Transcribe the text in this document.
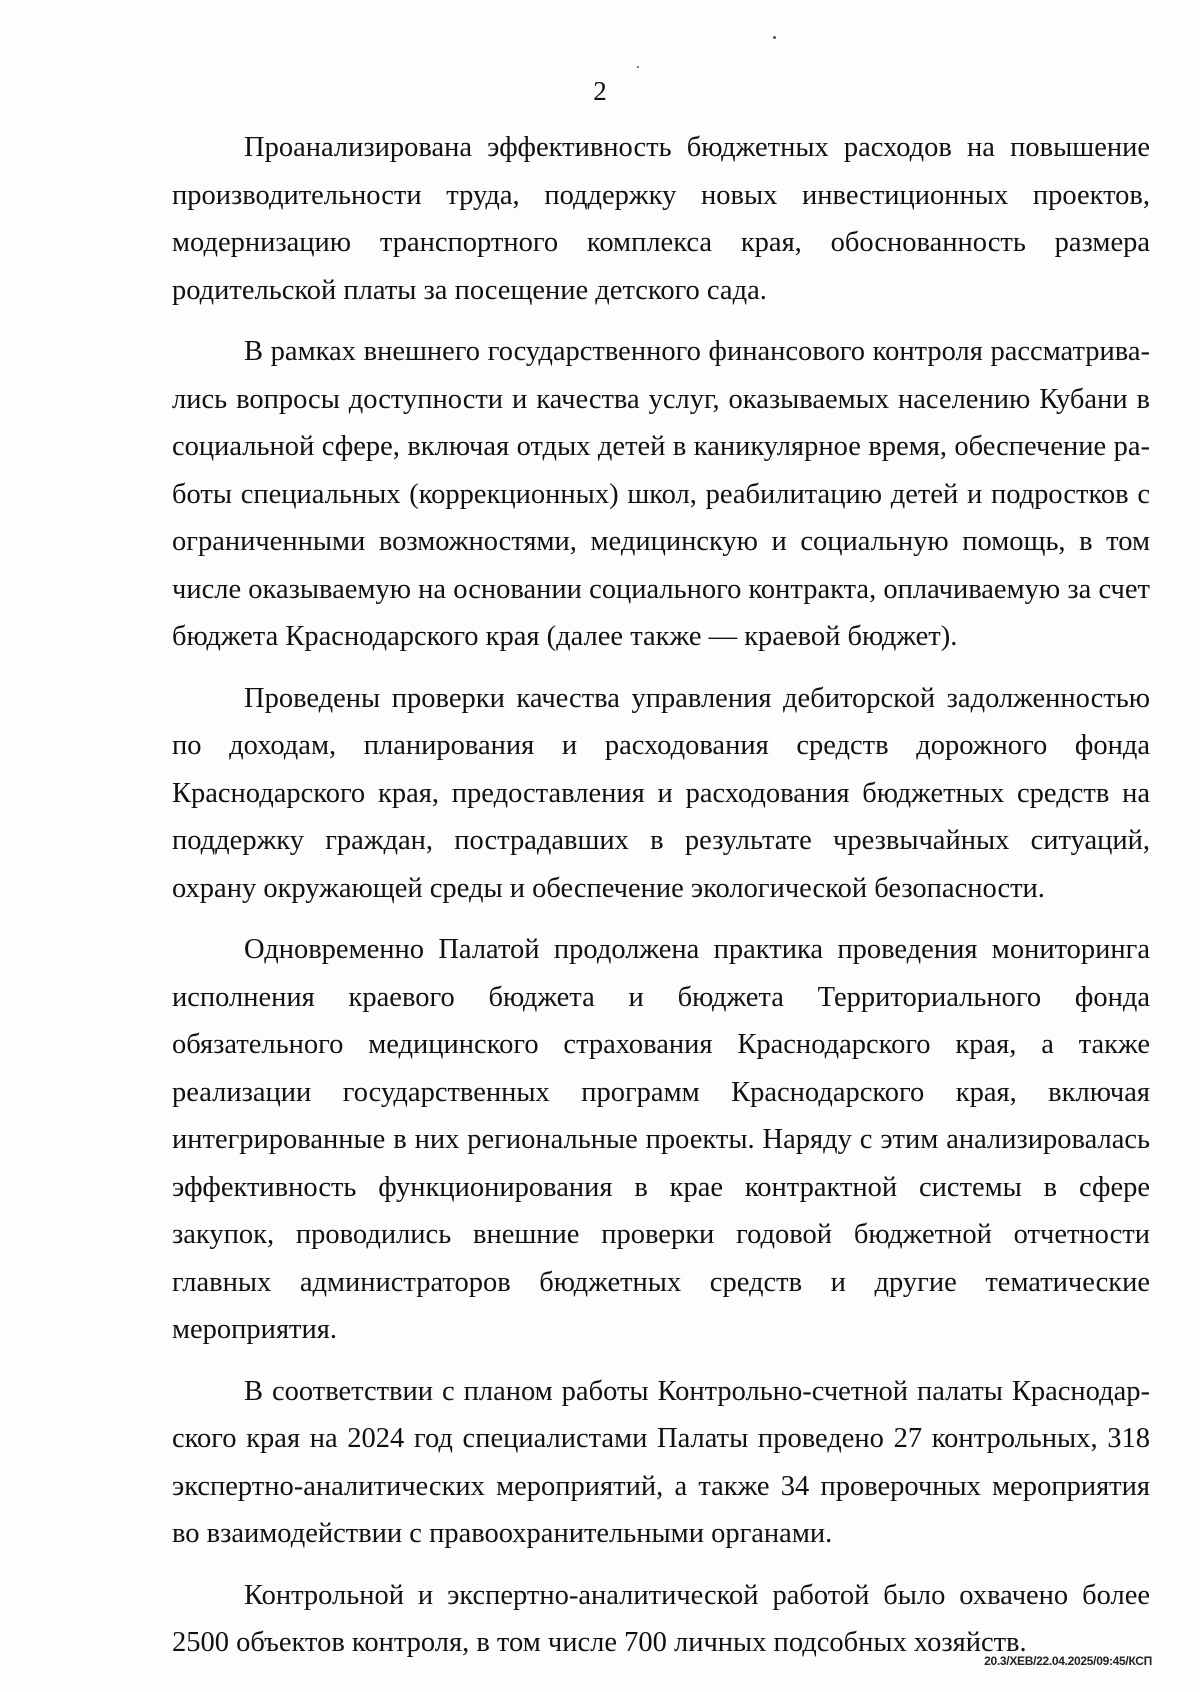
2

Проанализирована эффективность бюджетных расходов на повышение производительности труда, поддержку новых инвестиционных проектов, модернизацию транспортного комплекса края, обоснованность размера родительской платы за посещение детского сада.

В рамках внешнего государственного финансового контроля рассматривались вопросы доступности и качества услуг, оказываемых населению Кубани в социальной сфере, включая отдых детей в каникулярное время, обеспечение работы специальных (коррекционных) школ, реабилитацию детей и подростков с ограниченными возможностями, медицинскую и социальную помощь, в том числе оказываемую на основании социального контракта, оплачиваемую за счет бюджета Краснодарского края (далее также — краевой бюджет).

Проведены проверки качества управления дебиторской задолженностью по доходам, планирования и расходования средств дорожного фонда Краснодарского края, предоставления и расходования бюджетных средств на поддержку граждан, пострадавших в результате чрезвычайных ситуаций, охрану окружающей среды и обеспечение экологической безопасности.

Одновременно Палатой продолжена практика проведения мониторинга исполнения краевого бюджета и бюджета Территориального фонда обязательного медицинского страхования Краснодарского края, а также реализации государственных программ Краснодарского края, включая интегрированные в них региональные проекты. Наряду с этим анализировалась эффективность функционирования в крае контрактной системы в сфере закупок, проводились внешние проверки годовой бюджетной отчетности главных администраторов бюджетных средств и другие тематические мероприятия.

В соответствии с планом работы Контрольно-счетной палаты Краснодарского края на 2024 год специалистами Палаты проведено 27 контрольных, 318 экспертно-аналитических мероприятий, а также 34 проверочных мероприятия во взаимодействии с правоохранительными органами.

Контрольной и экспертно-аналитической работой было охвачено более 2500 объектов контроля, в том числе 700 личных подсобных хозяйств.

20.3/ХЕВ/22.04.2025/09:45/КСП
